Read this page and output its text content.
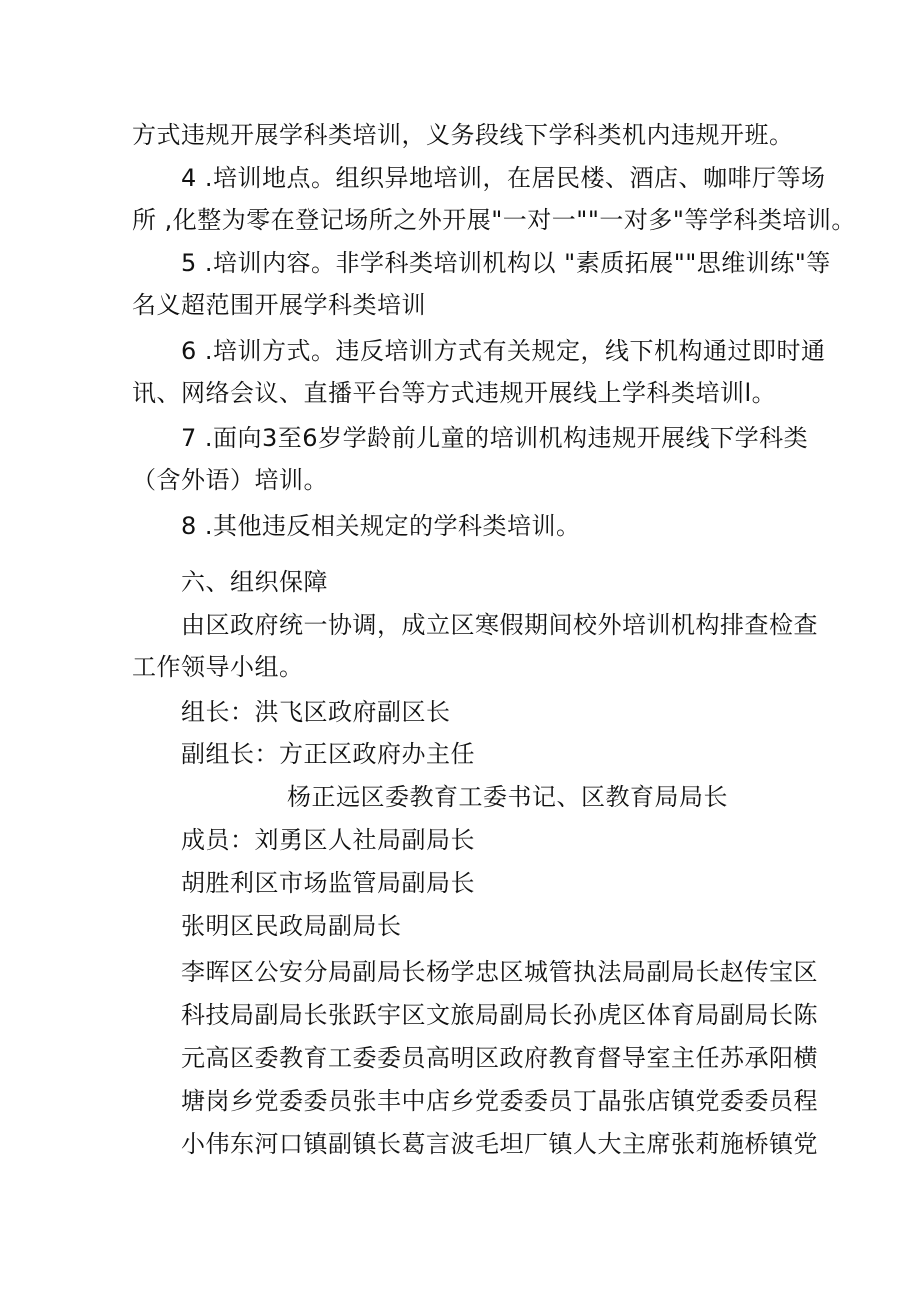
方式违规开展学科类培训，义务段线下学科类机内违规开班。
4 .培训地点。组织异地培训，在居民楼、酒店、咖啡厅等场
所 ,化整为零在登记场所之外开展"一对一""一对多"等学科类培训。
5 .培训内容。非学科类培训机构以 "素质拓展""思维训练"等
名义超范围开展学科类培训
6 .培训方式。违反培训方式有关规定，线下机构通过即时通
讯、网络会议、直播平台等方式违规开展线上学科类培训l。
7 .面向3至6岁学龄前儿童的培训机构违规开展线下学科类
（含外语）培训。
8 .其他违反相关规定的学科类培训。
六、组织保障
由区政府统一协调，成立区寒假期间校外培训机构排查检查
工作领导小组。
组长：洪飞区政府副区长
副组长：方正区政府办主任
杨正远区委教育工委书记、区教育局局长
成员：刘勇区人社局副局长
胡胜利区市场监管局副局长
张明区民政局副局长
李晖区公安分局副局长杨学忠区城管执法局副局长赵传宝区
科技局副局长张跃宇区文旅局副局长孙虎区体育局副局长陈
元高区委教育工委委员高明区政府教育督导室主任苏承阳横
塘岗乡党委委员张丰中店乡党委委员丁晶张店镇党委委员程
小伟东河口镇副镇长葛言波毛坦厂镇人大主席张莉施桥镇党
